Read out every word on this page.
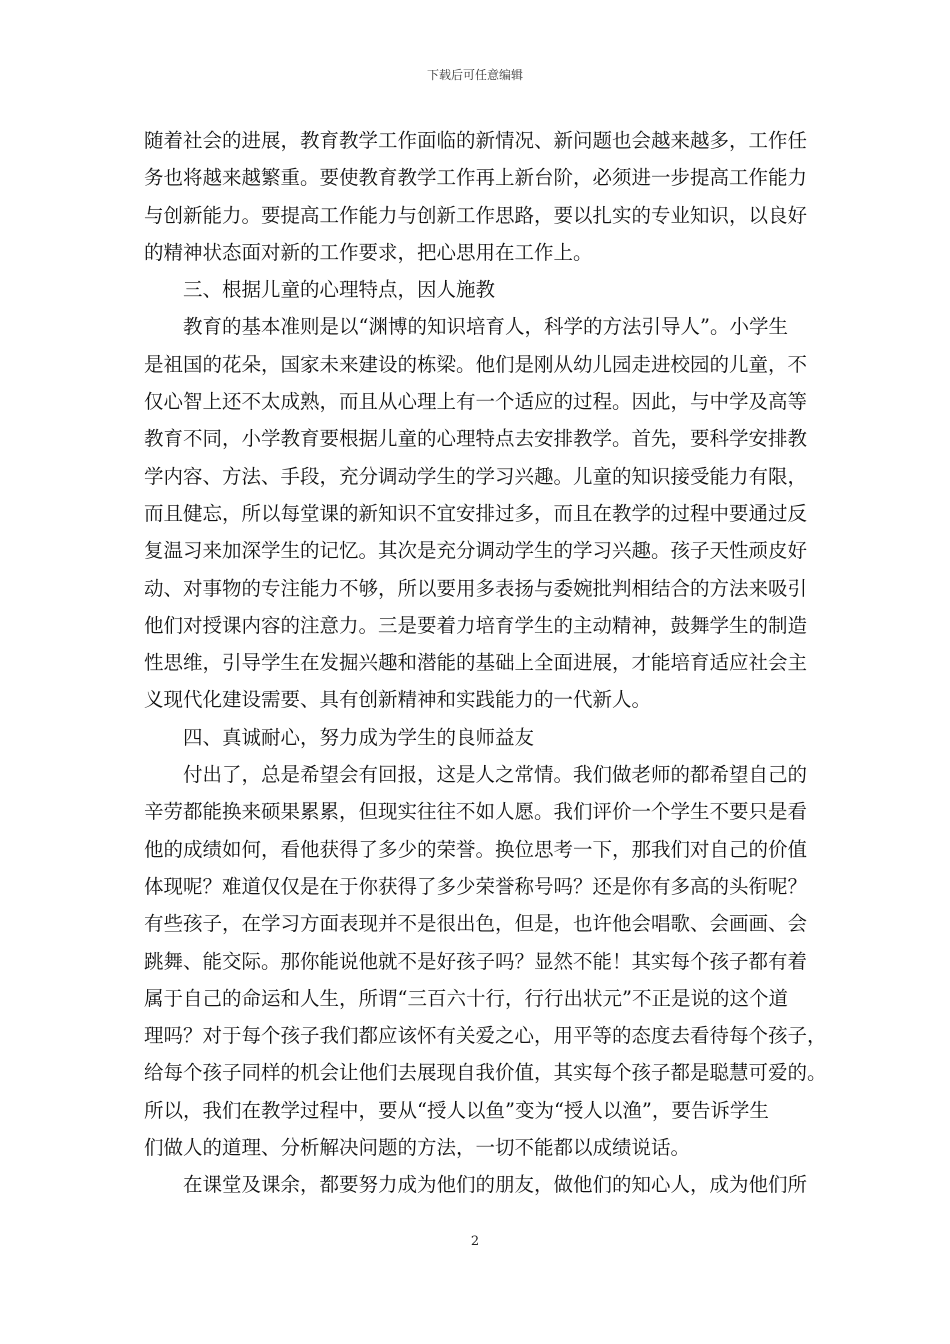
下载后可任意编辑
随着社会的进展，教育教学工作面临的新情况、新问题也会越来越多，工作任
务也将越来越繁重。要使教育教学工作再上新台阶，必须进一步提高工作能力
与创新能力。要提高工作能力与创新工作思路，要以扎实的专业知识，以良好
的精神状态面对新的工作要求，把心思用在工作上。
三、根据儿童的心理特点，因人施教
教育的基本准则是以“渊博的知识培育人，科学的方法引导人”。小学生
是祖国的花朵，国家未来建设的栋梁。他们是刚从幼儿园走进校园的儿童，不
仅心智上还不太成熟，而且从心理上有一个适应的过程。因此，与中学及高等
教育不同，小学教育要根据儿童的心理特点去安排教学。首先，要科学安排教
学内容、方法、手段，充分调动学生的学习兴趣。儿童的知识接受能力有限，
而且健忘，所以每堂课的新知识不宜安排过多，而且在教学的过程中要通过反
复温习来加深学生的记忆。其次是充分调动学生的学习兴趣。孩子天性顽皮好
动、对事物的专注能力不够，所以要用多表扬与委婉批判相结合的方法来吸引
他们对授课内容的注意力。三是要着力培育学生的主动精神，鼓舞学生的制造
性思维，引导学生在发掘兴趣和潜能的基础上全面进展，才能培育适应社会主
义现代化建设需要、具有创新精神和实践能力的一代新人。
四、真诚耐心，努力成为学生的良师益友
付出了，总是希望会有回报，这是人之常情。我们做老师的都希望自己的
辛劳都能换来硕果累累，但现实往往不如人愿。我们评价一个学生不要只是看
他的成绩如何，看他获得了多少的荣誉。换位思考一下，那我们对自己的价值
体现呢？难道仅仅是在于你获得了多少荣誉称号吗？还是你有多高的头衔呢？
有些孩子，在学习方面表现并不是很出色，但是，也许他会唱歌、会画画、会
跳舞、能交际。那你能说他就不是好孩子吗？显然不能！其实每个孩子都有着
属于自己的命运和人生，所谓“三百六十行，行行出状元”不正是说的这个道
理吗？对于每个孩子我们都应该怀有关爱之心，用平等的态度去看待每个孩子，
给每个孩子同样的机会让他们去展现自我价值，其实每个孩子都是聪慧可爱的。
所以，我们在教学过程中，要从“授人以鱼”变为“授人以渔”，要告诉学生
们做人的道理、分析解决问题的方法，一切不能都以成绩说话。
在课堂及课余，都要努力成为他们的朋友，做他们的知心人，成为他们所
2
